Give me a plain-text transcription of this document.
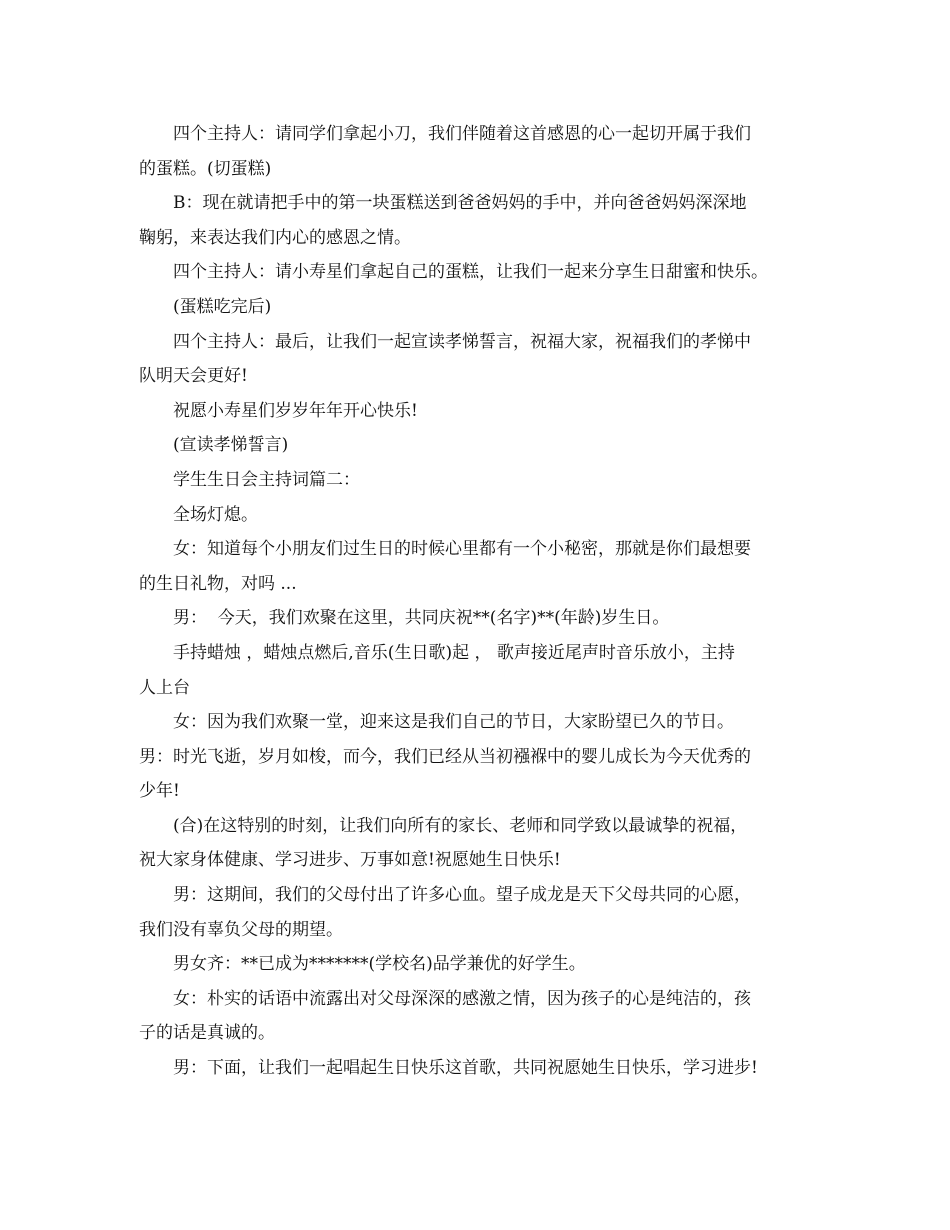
四个主持人：请同学们拿起小刀，我们伴随着这首感恩的心一起切开属于我们
的蛋糕。(切蛋糕)
B：现在就请把手中的第一块蛋糕送到爸爸妈妈的手中，并向爸爸妈妈深深地
鞠躬，来表达我们内心的感恩之情。
四个主持人：请小寿星们拿起自己的蛋糕，让我们一起来分享生日甜蜜和快乐。
(蛋糕吃完后)
四个主持人：最后，让我们一起宣读孝悌誓言，祝福大家，祝福我们的孝悌中
队明天会更好!
祝愿小寿星们岁岁年年开心快乐!
(宣读孝悌誓言)
学生生日会主持词篇二：
全场灯熄。
女：知道每个小朋友们过生日的时候心里都有一个小秘密，那就是你们最想要
的生日礼物，对吗 ...
男：  今天，我们欢聚在这里，共同庆祝**(名字)**(年龄)岁生日。
手持蜡烛 ，蜡烛点燃后,音乐(生日歌)起 ， 歌声接近尾声时音乐放小，主持
人上台
女：因为我们欢聚一堂，迎来这是我们自己的节日，大家盼望已久的节日。
男：时光飞逝，岁月如梭，而今，我们已经从当初襁褓中的婴儿成长为今天优秀的
少年!
(合)在这特别的时刻，让我们向所有的家长、老师和同学致以最诚挚的祝福，
祝大家身体健康、学习进步、万事如意!祝愿她生日快乐!
男：这期间，我们的父母付出了许多心血。望子成龙是天下父母共同的心愿，
我们没有辜负父母的期望。
男女齐：**已成为*******(学校名)品学兼优的好学生。
女：朴实的话语中流露出对父母深深的感激之情，因为孩子的心是纯洁的，孩
子的话是真诚的。
男：下面，让我们一起唱起生日快乐这首歌，共同祝愿她生日快乐，学习进步!
